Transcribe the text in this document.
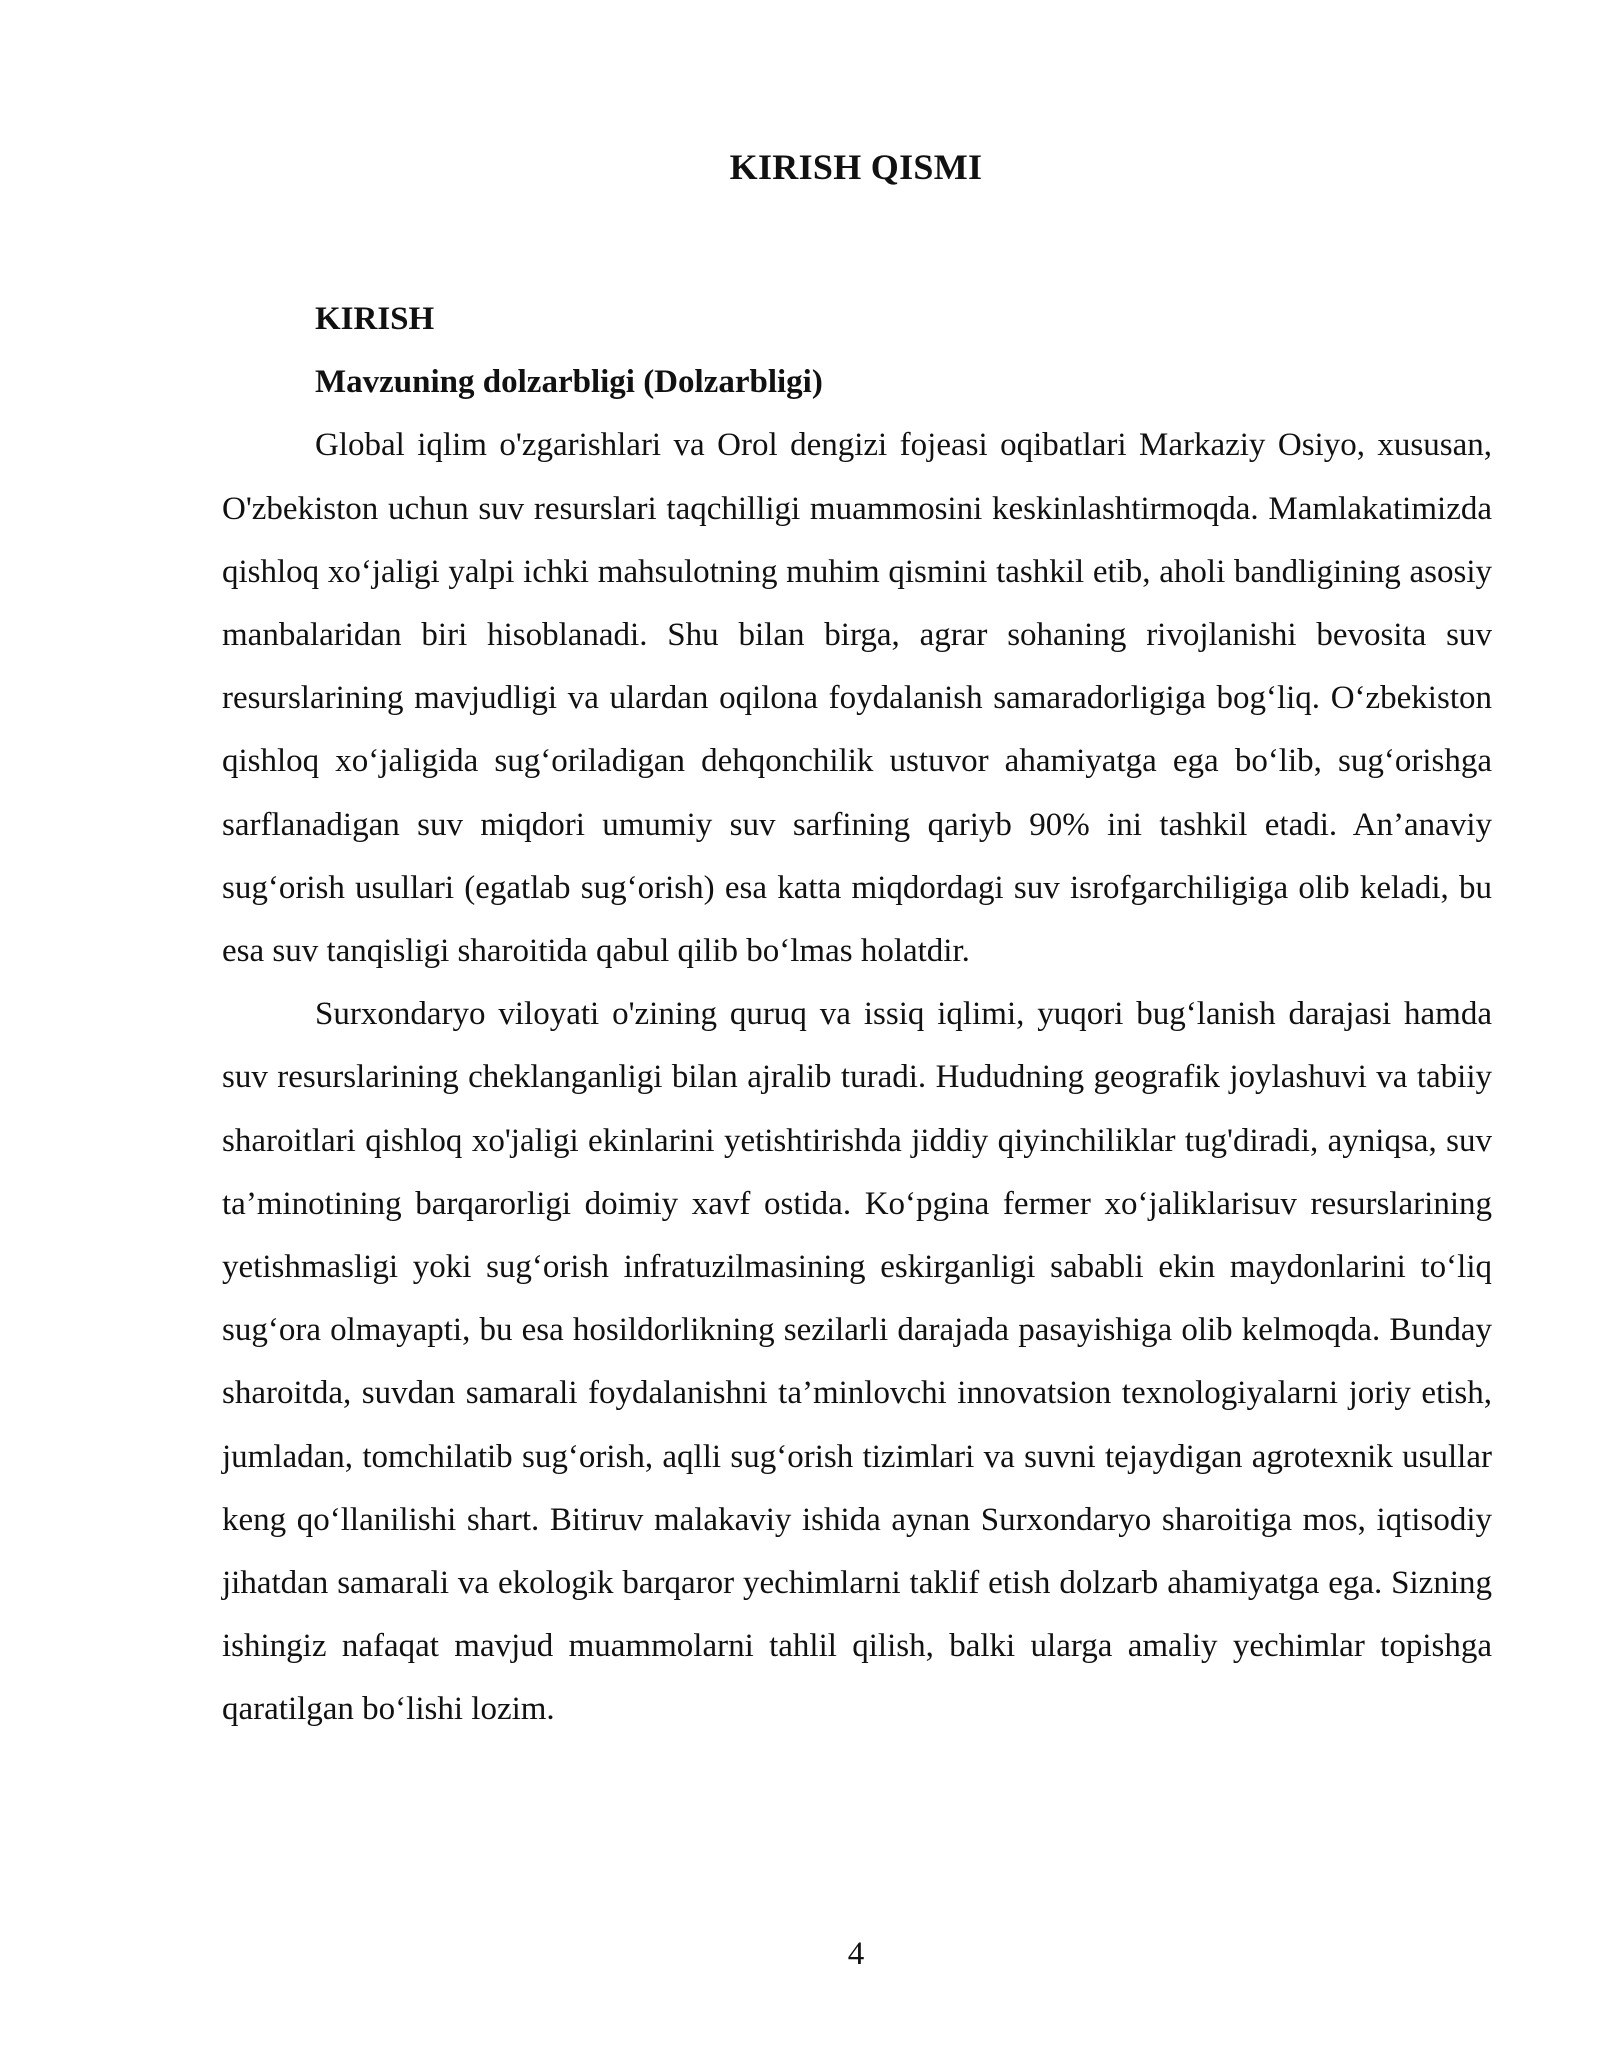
KIRISH QISMI
KIRISH
Mavzuning dolzarbligi (Dolzarbligi)

Global iqlim o'zgarishlari va Orol dengizi fojeasi oqibatlari Markaziy Osiyo, xususan, O'zbekiston uchun suv resurslari taqchilligi muammosini keskinlashtirmoqda. Mamlakatimizda qishloq xo‘jaligi yalpi ichki mahsulotning muhim qismini tashkil etib, aholi bandligining asosiy manbalaridan biri hisoblanadi. Shu bilan birga, agrar sohaning rivojlanishi bevosita suv resurslarining mavjudligi va ulardan oqilona foydalanish samaradorligiga bog‘liq. O‘zbekiston qishloq xo‘jaligida sug‘oriladigan dehqonchilik ustuvor ahamiyatga ega bo‘lib, sug‘orishga sarflanadigan suv miqdori umumiy suv sarfining qariyb 90% ini tashkil etadi. An’anaviy sug‘orish usullari (egatlab sug‘orish) esa katta miqdordagi suv isrofgarchiligiga olib keladi, bu esa suv tanqisligi sharoitida qabul qilib bo‘lmas holatdir.

Surxondaryo viloyati o'zining quruq va issiq iqlimi, yuqori bug‘lanish darajasi hamda suv resurslarining cheklanganligi bilan ajralib turadi. Hududning geografik joylashuvi va tabiiy sharoitlari qishloq xo'jaligi ekinlarini yetishtirishda jiddiy qiyinchiliklar tug'diradi, ayniqsa, suv ta’minotining barqarorligi doimiy xavf ostida. Ko‘pgina fermer xo‘jaliklarisuv resurslarining yetishmasligi yoki sug‘orish infratuzilmasining eskirganligi sababli ekin maydonlarini to‘liq sug‘ora olmayapti, bu esa hosildorlikning sezilarli darajada pasayishiga olib kelmoqda. Bunday sharoitda, suvdan samarali foydalanishni ta’minlovchi innovatsion texnologiyalarni joriy etish, jumladan, tomchilatib sug‘orish, aqlli sug‘orish tizimlari va suvni tejaydigan agrotexnik usullar keng qo‘llanilishi shart. Bitiruv malakaviy ishida aynan Surxondaryo sharoitiga mos, iqtisodiy jihatdan samarali va ekologik barqaror yechimlarni taklif etish dolzarb ahamiyatga ega. Sizning ishingiz nafaqat mavjud muammolarni tahlil qilish, balki ularga amaliy yechimlar topishga qaratilgan bo‘lishi lozim.

4
